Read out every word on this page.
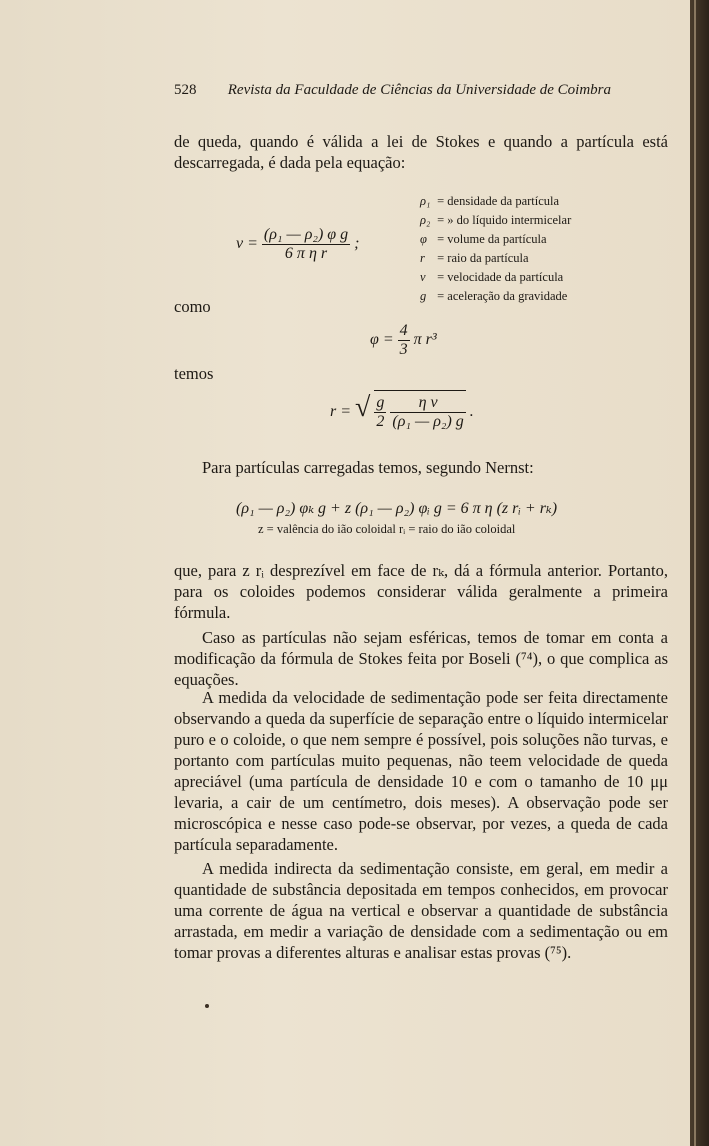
528 Revista da Faculdade de Ciências da Universidade de Coimbra
de queda, quando é válida a lei de Stokes e quando a partícula está descarregada, é dada pela equação:
$v = \frac{\text{(ρ₁ — ρ₂) φ g}}{\text{6 π η r}}$ ;
ρ₁ = densidade da partícula
ρ₂ = » do líquido intermicelar
φ = volume da partícula
r = raio da partícula
v = velocidade da partícula
g = aceleração da gravidade
como
$\varphi = \frac{4}{3}$ π r³
temos
r = √ $\frac{g}{2}$
$\frac{\text{η v}}{\text{(ρ₁ — ρ₂) g}}$ .
Para partículas carregadas temos, segundo Nernst:
(ρ₁ — ρ₂) φₖ g + z (ρ₁ — ρ₂) φᵢ g = 6 π η (z rᵢ + rₖ)
z = valência do ião coloidal rᵢ = raio do ião coloidal
que, para z rᵢ desprezível em face de rₖ, dá a fórmula anterior. Portanto, para os coloides podemos considerar válida geralmente a primeira fórmula.
Caso as partículas não sejam esféricas, temos de tomar em conta a modificação da fórmula de Stokes feita por Boseli (⁷⁴), o que complica as equações.
A medida da velocidade de sedimentação pode ser feita directamente observando a queda da superfície de separação entre o líquido intermicelar puro e o coloide, o que nem sempre é possível, pois soluções não turvas, e portanto com partículas muito pequenas, não teem velocidade de queda apreciável (uma partícula de densidade 10 e com o tamanho de 10 μμ levaria, a cair de um centímetro, dois meses). A observação pode ser microscópica e nesse caso pode-se observar, por vezes, a queda de cada partícula separadamente.
A medida indirecta da sedimentação consiste, em geral, em medir a quantidade de substância depositada em tempos conhecidos, em provocar uma corrente de água na vertical e observar a quantidade de substância arrastada, em medir a variação de densidade com a sedimentação ou em tomar provas a diferentes alturas e analisar estas provas (⁷⁵).
